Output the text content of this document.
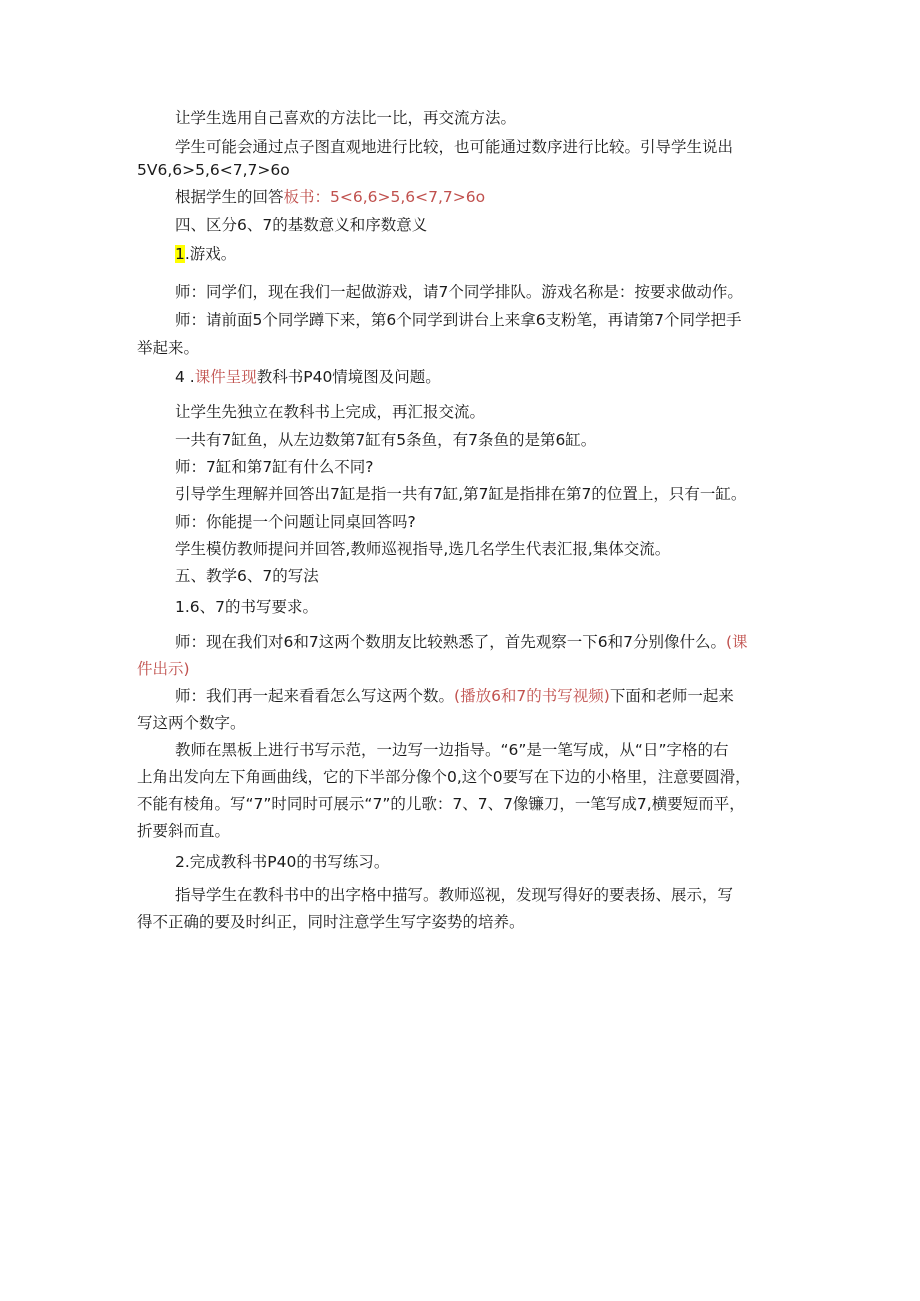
让学生选用自己喜欢的方法比一比，再交流方法。
学生可能会通过点子图直观地进行比较，也可能通过数序进行比较。引导学生说出
5V6,6>5,6<7,7>6o
根据学生的回答板书：5<6,6>5,6<7,7>6o
四、区分6、7的基数意义和序数意义
1.游戏。
师：同学们，现在我们一起做游戏，请7个同学排队。游戏名称是：按要求做动作。
师：请前面5个同学蹲下来，第6个同学到讲台上来拿6支粉笔，再请第7个同学把手
举起来。
4 .课件呈现教科书P40情境图及问题。
让学生先独立在教科书上完成，再汇报交流。
一共有7缸鱼，从左边数第7缸有5条鱼，有7条鱼的是第6缸。
师：7缸和第7缸有什么不同?
引导学生理解并回答出7缸是指一共有7缸,第7缸是指排在第7的位置上，只有一缸。
师：你能提一个问题让同桌回答吗?
学生模仿教师提问并回答,教师巡视指导,选几名学生代表汇报,集体交流。
五、教学6、7的写法
1.6、7的书写要求。
师：现在我们对6和7这两个数朋友比较熟悉了，首先观察一下6和7分别像什么。(课
件出示)
师：我们再一起来看看怎么写这两个数。(播放6和7的书写视频)下面和老师一起来
写这两个数字。
教师在黑板上进行书写示范，一边写一边指导。“6”是一笔写成，从“日”字格的右
上角出发向左下角画曲线，它的下半部分像个0,这个0要写在下边的小格里，注意要圆滑，
不能有棱角。写“7”时同时可展示“7”的儿歌：7、7、7像镰刀，一笔写成7,横要短而平，
折要斜而直。
2.完成教科书P40的书写练习。
指导学生在教科书中的出字格中描写。教师巡视，发现写得好的要表扬、展示，写
得不正确的要及时纠正，同时注意学生写字姿势的培养。
